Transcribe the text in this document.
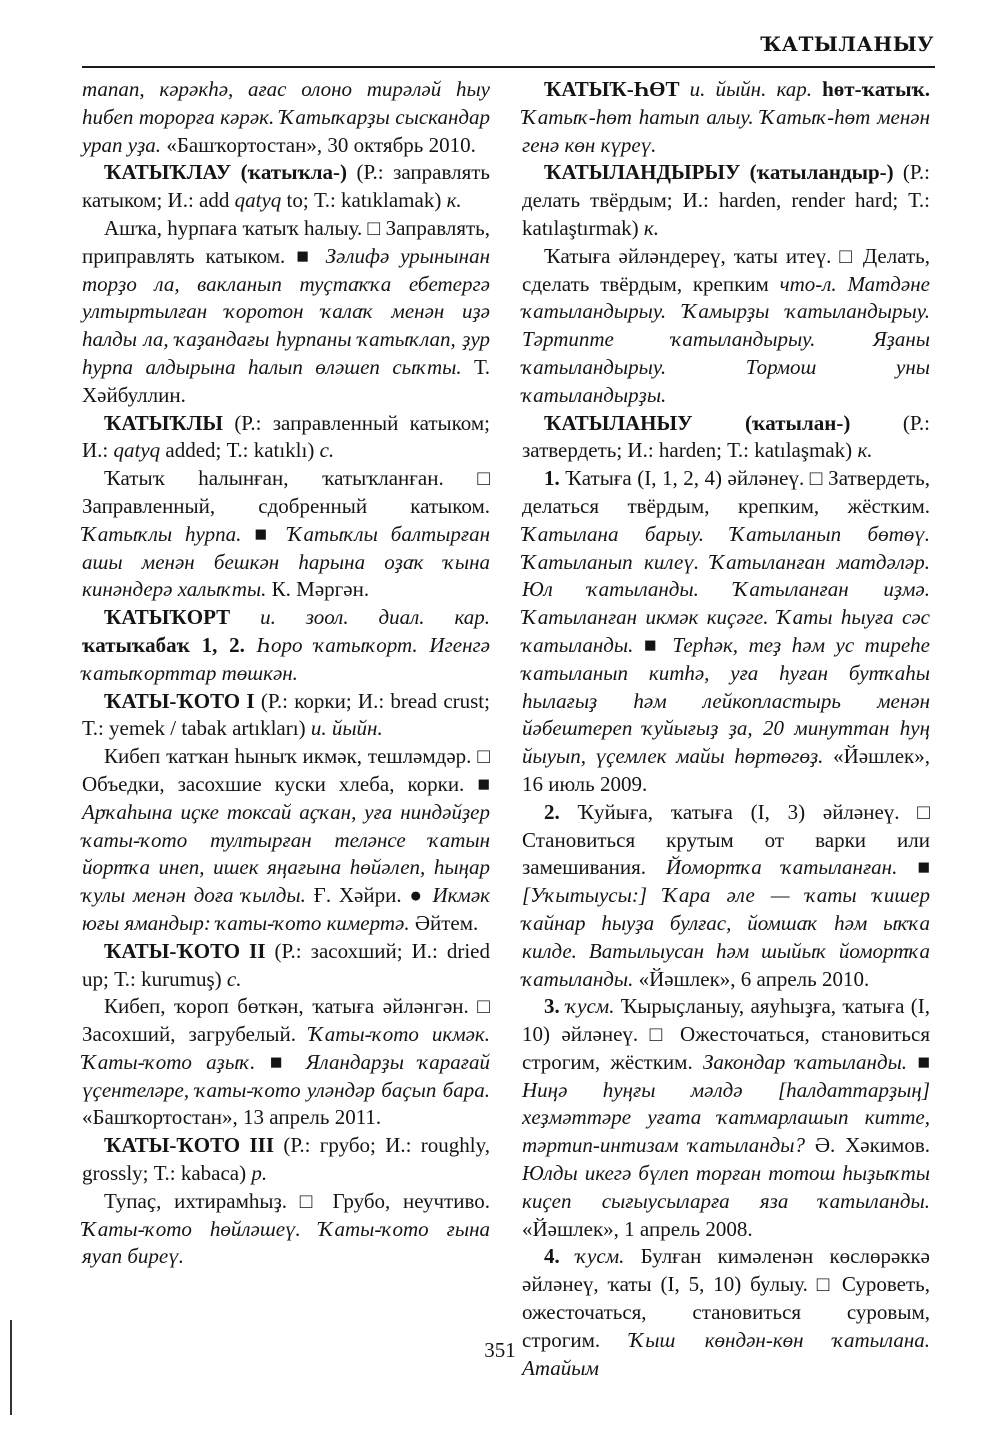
ҠАТЫЛАНЫУ

тапап, кәрәкһә, ағас олоно тирәләй һыу һибеп торорға кәрәк. Ҡатыҡарҙы сыскандар урап уҙа. «Башҡортостан», 30 октябрь 2010.

ҠАТЫҠЛАУ (ҡатыҡла-) (Р.: заправлять катыком; И.: add qatyq to; Т.: katıklamak) к.

Ашҡа, һурпаға ҡатыҡ һалыу. □ Заправлять, приправлять катыком. ■ Зәлифә урынынан торҙо ла, вакланып туҫтаҡҡа ебетергә ултыртылған ҡоротон ҡалаҡ менән иҙә һалды ла, ҡаҙандағы һурпаны ҡатыҡлап, ҙур һурпа алдырына һалып өләшеп сыҡты. Т. Хәйбуллин.

ҠАТЫҠЛЫ (Р.: заправленный катыком; И.: qatyq added; Т.: katıklı) с.

Ҡатыҡ һалынған, ҡатыҡланған. □ Заправленный, сдобренный катыком. Ҡатыҡлы һурпа. ■ Ҡатыҡлы балтырған ашы менән бешкән һарына оҙаҡ ҡына кинәндерә халыҡты. К. Мәргән.

ҠАТЫҠОРТ и. зоол. диал. кар. ҡатыҡабаҡ 1, 2. Һоро ҡатыҡорт. Игенгә ҡатыҡорттар төшкән.

ҠАТЫ-ҠОТО I (Р.: корки; И.: bread crust; Т.: yemek / tabak artıkları) и. йыйн.

Кибеп ҡатҡан һыныҡ икмәк, тешләмдәр. □ Объедки, засохшие куски хлеба, корки. ■ Арҡаһына иҫке токсай аҫҡан, уға ниндәйҙер ҡаты-ҡото тултырған теләнсе ҡатын йортҡа инеп, ишек яңағына һөйәлеп, һыңар ҡулы менән доға ҡылды. Ғ. Хәйри. ● Икмәк юғы ямандыр: ҡаты-ҡото кимертә. Әйтем.

ҠАТЫ-ҠОТО II (Р.: засохший; И.: dried up; Т.: kurumuş) с.

Кибеп, ҡороп бөткән, ҡатыға әйләнгән. □ Засохший, загрубелый. Ҡаты-ҡото икмәк. Ҡаты-ҡото аҙыҡ. ■ Яландарҙы ҡарағай үҫентеләре, ҡаты-ҡото уләндәр баҫып бара. «Башҡортостан», 13 апрель 2011.

ҠАТЫ-ҠОТО III (Р.: грубо; И.: roughly, grossly; Т.: kabaca) р.

Тупаҫ, ихтирамһыҙ. □ Грубо, неучтиво. Ҡаты-ҡото һөйләшеү. Ҡаты-ҡото ғына яуап биреү.

ҠАТЫҠ-ҺӨТ и. йыйн. кар. һөт-ҡатыҡ. Ҡатыҡ-һөт һатып алыу. Ҡатыҡ-һөт менән генә көн күреү.

ҠАТЫЛАНДЫРЫУ (ҡатыландыр-) (Р.: делать твёрдым; И.: harden, render hard; Т.: katılaştırmak) к.

Ҡатыға әйләндереү, ҡаты итеү. □ Делать, сделать твёрдым, крепким что-л. Матдәне ҡатыландырыу. Ҡамырҙы ҡатыландырыу. Тәртипте ҡатыландырыу. Яҙаны ҡатыландырыу. Тормош уны ҡатыландырҙы.

ҠАТЫЛАНЫУ (ҡатылан-) (Р.: затвердеть; И.: harden; Т.: katılaşmak) к.

1. Ҡатыға (I, 1, 2, 4) әйләнеү. □ Затвердеть, делаться твёрдым, крепким, жёстким. Ҡатылана барыу. Ҡатыланып бөтөү. Ҡатыланып килеү. Ҡатыланған матдәләр. Юл ҡатыланды. Ҡатыланған иҙмә. Ҡатыланған икмәк киҫәге. Ҡаты һыуға сәс ҡатыланды. ■ Терһәк, теҙ һәм ус тиреһе ҡатыланып китһә, уға һуған бутҡаһы һылағыҙ һәм лейкопластырь менән йәбештереп ҡуйығыҙ ҙа, 20 минуттан һуң йыуып, үҫемлек майы һөртөгөҙ. «Йәшлек», 16 июль 2009.

2. Ҡуйыға, ҡатыға (I, 3) әйләнеү. □ Становиться крутым от варки или замешивания. Йомортҡа ҡатыланған. ■ [Уҡытыусы:] Ҡара әле — ҡаты ҡишер ҡайнар һыуҙа булғас, йомшаҡ һәм ыҡҡа килде. Ватылыусан һәм шыйыҡ йомортҡа ҡатыланды. «Йәшлек», 6 апрель 2010.

3. ҡусм. Ҡырыҫланыу, аяуһыҙға, ҡатыға (I, 10) әйләнеү. □ Ожесточаться, становиться строгим, жёстким. Закондар ҡатыланды. ■ Ниңә һуңғы мәлдә [һалдаттарҙың] хеҙмәттәре уғата ҡатмарлашып китте, тәртип-интизам ҡатыланды? Ә. Хәкимов. Юлды икегә бүлеп торған тотош һыҙыҡты киҫеп сығыусыларға яза ҡатыланды. «Йәшлек», 1 апрель 2008.

4. ҡусм. Булған кимәленән көслөрәккә әйләнеү, ҡаты (I, 5, 10) булыу. □ Суроветь, ожесточаться, становиться суровым, строгим. Ҡыш көндән-көн ҡатылана. Атайым

351
